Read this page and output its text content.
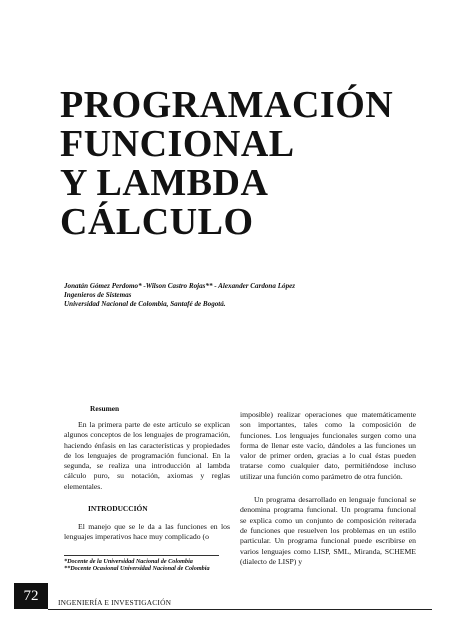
PROGRAMACIÓN
FUNCIONAL
Y LAMBDA
CÁLCULO
Jonatán Gómez Perdomo* -Wilson Castro Rojas** - Alexander Cardona López
Ingenieros de Sistemas
Universidad Nacional de Colombia, Santafé de Bogotá.
Resumen

En la primera parte de este artículo se explican algunos conceptos de los lenguajes de programación, haciendo énfasis en las características y propiedades de los lenguajes de programación funcional. En la segunda, se realiza una introducción al lambda cálculo puro, su notación, axiomas y reglas elementales.

INTRODUCCIÓN

El manejo que se le da a las funciones en los lenguajes imperativos hace muy complicado (o

*Docente de la Universidad Nacional de Colombia
**Docente Ocasional Universidad Nacional de Colombia

imposible) realizar operaciones que matemáticamente son importantes, tales como la composición de funciones. Los lenguajes funcionales surgen como una forma de llenar este vacío, dándoles a las funciones un valor de primer orden, gracias a lo cual éstas pueden tratarse como cualquier dato, permitiéndose incluso utilizar una función como parámetro de otra función.

Un programa desarrollado en lenguaje funcional se denomina programa funcional. Un programa funcional se explica como un conjunto de composición reiterada de funciones que resuelven los problemas en un estilo particular. Un programa funcional puede escribirse en varios lenguajes como LISP, SML, Miranda, SCHEME (dialecto de LISP) y

72	INGENIERÍA E INVESTIGACIÓN
